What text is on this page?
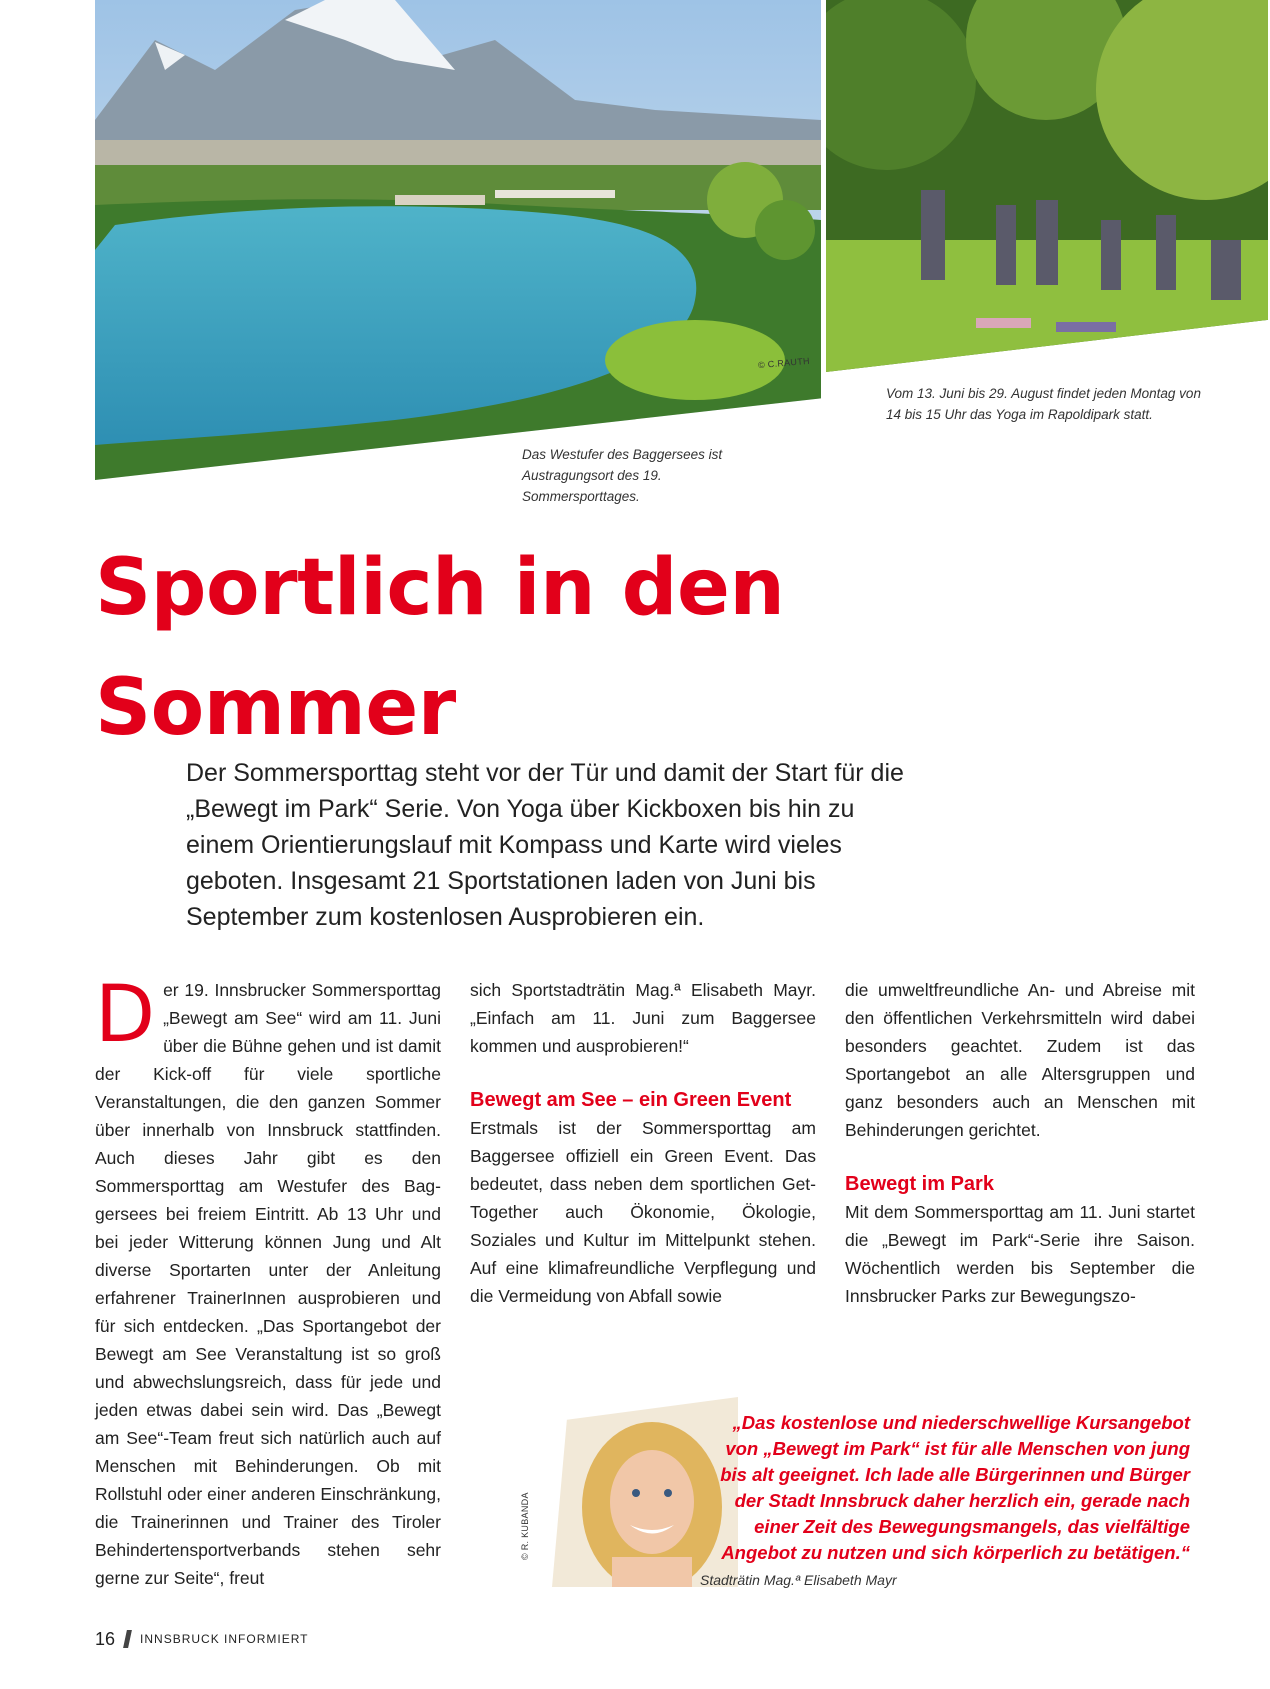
© C.RAUTH
Vom 13. Juni bis 29. August findet jeden Montag von 14 bis 15 Uhr das Yoga im Rapoldipark statt.
Das Westufer des Baggersees ist Austragungsort des 19. Sommersporttages.
Sportlich in den Sommer
Der Sommersporttag steht vor der Tür und damit der Start für die „Bewegt im Park“ Serie. Von Yoga über Kickboxen bis hin zu einem Orientierungslauf mit Kompass und Karte wird vieles geboten. Insgesamt 21 Sportstationen laden von Juni bis September zum kostenlosen Ausprobieren ein.
D er 19. Innsbrucker Sommersporttag „Bewegt am See“ wird am 11. Juni über die Bühne gehen und ist damit der Kick-off für viele sportliche Veranstaltungen, die den ganzen Sommer über innerhalb von Innsbruck stattfinden. Auch dieses Jahr gibt es den Sommersporttag am Westufer des Baggersees bei freiem Eintritt. Ab 13 Uhr und bei jeder Witterung können Jung und Alt diverse Sportarten unter der Anleitung erfahrener TrainerInnen ausprobieren und für sich entdecken. „Das Sportangebot der Bewegt am See Veranstaltung ist so groß und abwechslungsreich, dass für jede und jeden etwas dabei sein wird. Das „Bewegt am See“-Team freut sich natürlich auch auf Menschen mit Behinderungen. Ob mit Rollstuhl oder einer anderen Einschränkung, die Trainerinnen und Trainer des Tiroler Behindertensportverbands stehen sehr gerne zur Seite“, freut

sich Sportstadträtin Mag.ª Elisabeth Mayr. „Einfach am 11. Juni zum Baggersee kommen und ausprobieren!“

Bewegt am See – ein Green Event

Erstmals ist der Sommersporttag am Baggersee offiziell ein Green Event. Das bedeutet, dass neben dem sportlichen Get-Together auch Ökonomie, Ökologie, Soziales und Kultur im Mittelpunkt stehen. Auf eine klimafreundliche Verpflegung und die Vermeidung von Abfall sowie

die umweltfreundliche An- und Abreise mit den öffentlichen Verkehrsmitteln wird dabei besonders geachtet. Zudem ist das Sportangebot an alle Altersgruppen und ganz besonders auch an Menschen mit Behinderungen gerichtet.

Bewegt im Park

Mit dem Sommersporttag am 11. Juni startet die „Bewegt im Park“-Serie ihre Saison. Wöchentlich werden bis September die Innsbrucker Parks zur Bewegungszo-

© R. KUBANDA
„Das kostenlose und niederschwellige Kursangebot von „Bewegt im Park“ ist für alle Menschen von jung bis alt geeignet. Ich lade alle Bürgerinnen und Bürger der Stadt Innsbruck daher herzlich ein, gerade nach einer Zeit des Bewegungsmangels, das vielfältige Angebot zu nutzen und sich körperlich zu betätigen.“
Stadträtin Mag.ª Elisabeth Mayr
16 INNSBRUCK INFORMIERT
